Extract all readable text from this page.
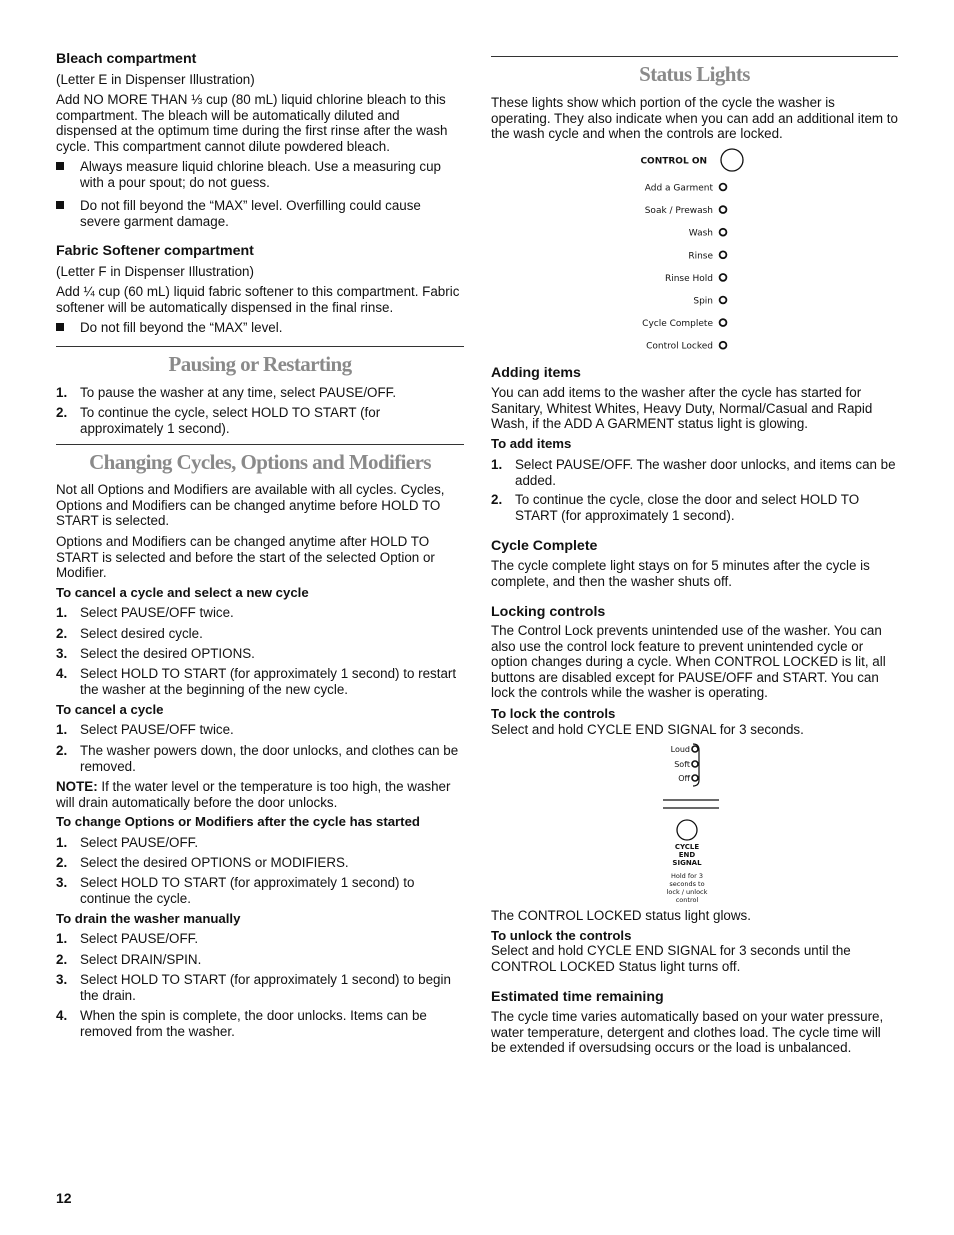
Bleach compartment
(Letter E in Dispenser Illustration)
Add NO MORE THAN ⅓ cup (80 mL) liquid chlorine bleach to this compartment. The bleach will be automatically diluted and dispensed at the optimum time during the first rinse after the wash cycle. This compartment cannot dilute powdered bleach.
Always measure liquid chlorine bleach. Use a measuring cup with a pour spout; do not guess.
Do not fill beyond the “MAX” level. Overfilling could cause severe garment damage.
Fabric Softener compartment
(Letter F in Dispenser Illustration)
Add ¼ cup (60 mL) liquid fabric softener to this compartment. Fabric softener will be automatically dispensed in the final rinse.
Do not fill beyond the “MAX” level.
Pausing or Restarting
1. To pause the washer at any time, select PAUSE/OFF.
2. To continue the cycle, select HOLD TO START (for approximately 1 second).
Changing Cycles, Options and Modifiers
Not all Options and Modifiers are available with all cycles. Cycles, Options and Modifiers can be changed anytime before HOLD TO START is selected.
Options and Modifiers can be changed anytime after HOLD TO START is selected and before the start of the selected Option or Modifier.
To cancel a cycle and select a new cycle
1. Select PAUSE/OFF twice.
2. Select desired cycle.
3. Select the desired OPTIONS.
4. Select HOLD TO START (for approximately 1 second) to restart the washer at the beginning of the new cycle.
To cancel a cycle
1. Select PAUSE/OFF twice.
2. The washer powers down, the door unlocks, and clothes can be removed.
NOTE: If the water level or the temperature is too high, the washer will drain automatically before the door unlocks.
To change Options or Modifiers after the cycle has started
1. Select PAUSE/OFF.
2. Select the desired OPTIONS or MODIFIERS.
3. Select HOLD TO START (for approximately 1 second) to continue the cycle.
To drain the washer manually
1. Select PAUSE/OFF.
2. Select DRAIN/SPIN.
3. Select HOLD TO START (for approximately 1 second) to begin the drain.
4. When the spin is complete, the door unlocks. Items can be removed from the washer.
Status Lights
These lights show which portion of the cycle the washer is operating. They also indicate when you can add an additional item to the wash cycle and when the controls are locked.
CONTROL ON
Add a Garment
Soak / Prewash
Wash
Rinse
Rinse Hold
Spin
Cycle Complete
Control Locked
Adding items
You can add items to the washer after the cycle has started for Sanitary, Whitest Whites, Heavy Duty, Normal/Casual and Rapid Wash, if the ADD A GARMENT status light is glowing.
To add items
1. Select PAUSE/OFF. The washer door unlocks, and items can be added.
2. To continue the cycle, close the door and select HOLD TO START (for approximately 1 second).
Cycle Complete
The cycle complete light stays on for 5 minutes after the cycle is complete, and then the washer shuts off.
Locking controls
The Control Lock prevents unintended use of the washer. You can also use the control lock feature to prevent unintended cycle or option changes during a cycle. When CONTROL LOCKED is lit, all buttons are disabled except for PAUSE/OFF and START. You can lock the controls while the washer is operating.
To lock the controls
Select and hold CYCLE END SIGNAL for 3 seconds.
Loud
Soft
Off
CYCLE
END
SIGNAL
Hold for 3
seconds to
lock / unlock
control
The CONTROL LOCKED status light glows.
To unlock the controls
Select and hold CYCLE END SIGNAL for 3 seconds until the CONTROL LOCKED Status light turns off.
Estimated time remaining
The cycle time varies automatically based on your water pressure, water temperature, detergent and clothes load. The cycle time will be extended if oversudsing occurs or the load is unbalanced.
12
